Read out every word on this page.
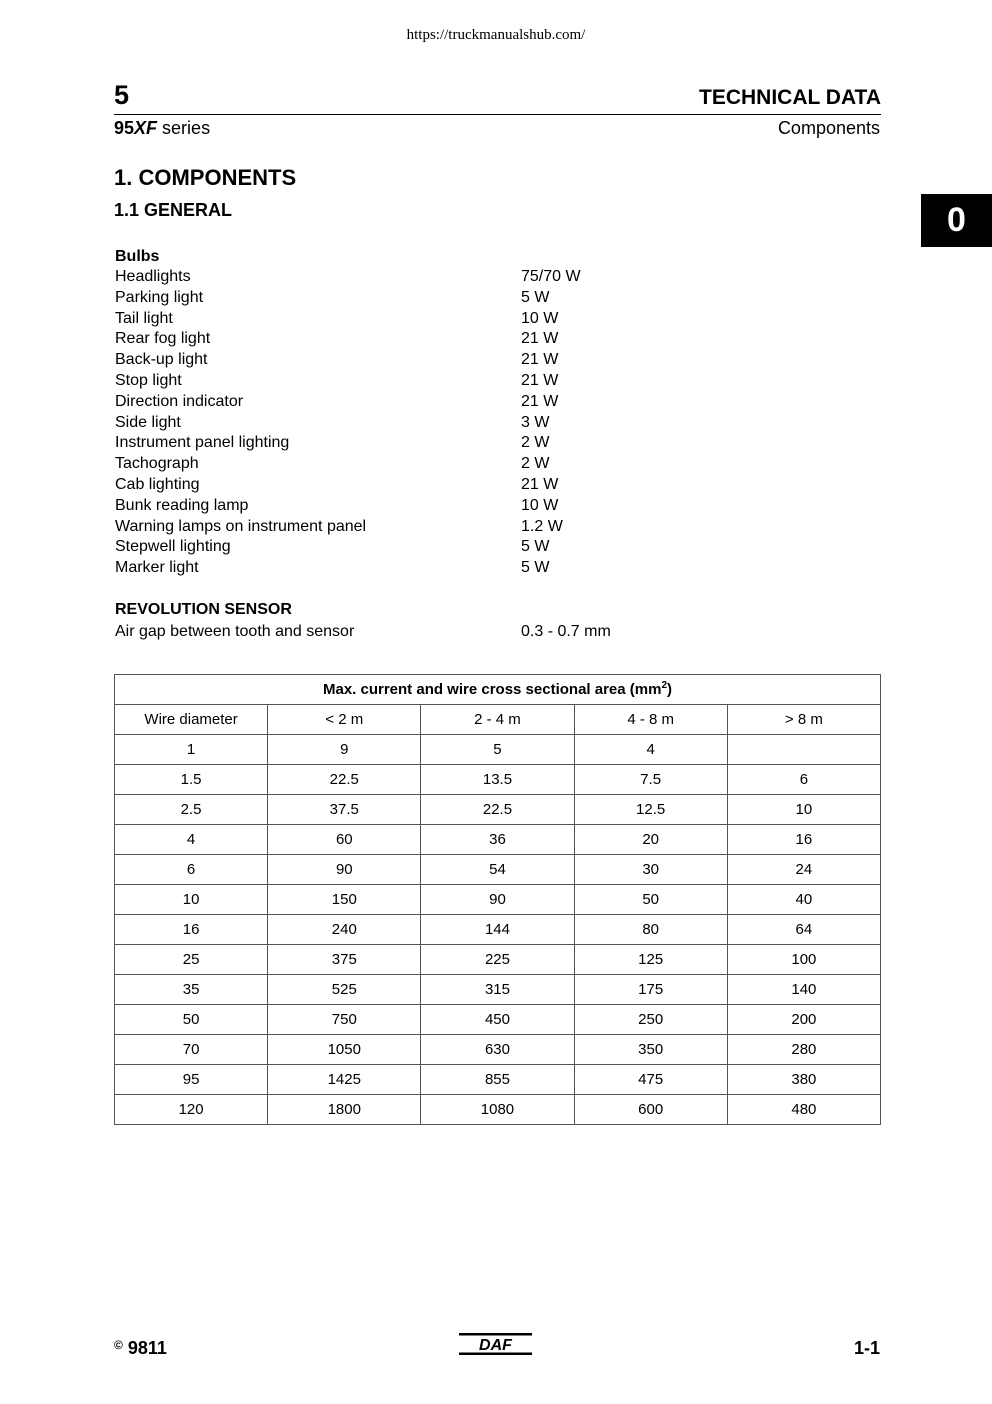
https://truckmanualshub.com/
5	TECHNICAL DATA
95XF series	Components
0
1. COMPONENTS
1.1 GENERAL
Bulbs
Headlights	75/70 W
Parking light	5 W
Tail light	10 W
Rear fog light	21 W
Back‑up light	21 W
Stop light	21 W
Direction indicator	21 W
Side light	3 W
Instrument panel lighting	2 W
Tachograph	2 W
Cab lighting	21 W
Bunk reading lamp	10 W
Warning lamps on instrument panel	1.2 W
Stepwell lighting	5 W
Marker light	5 W
REVOLUTION SENSOR
Air gap between tooth and sensor	0.3 - 0.7 mm
Max. current and wire cross sectional area $(mm^2)$				
Wire diameter	< 2 m	2 - 4 m	4 - 8 m	> 8 m
1	9	5	4	
1.5	22.5	13.5	7.5	6
2.5	37.5	22.5	12.5	10
4	60	36	20	16
6	90	54	30	24
10	150	90	50	40
16	240	144	80	64
25	375	225	125	100
35	525	315	175	140
50	750	450	250	200
70	1050	630	350	280
95	1425	855	475	380
120	1800	1080	600	480
© 9811	DAF	1-1
